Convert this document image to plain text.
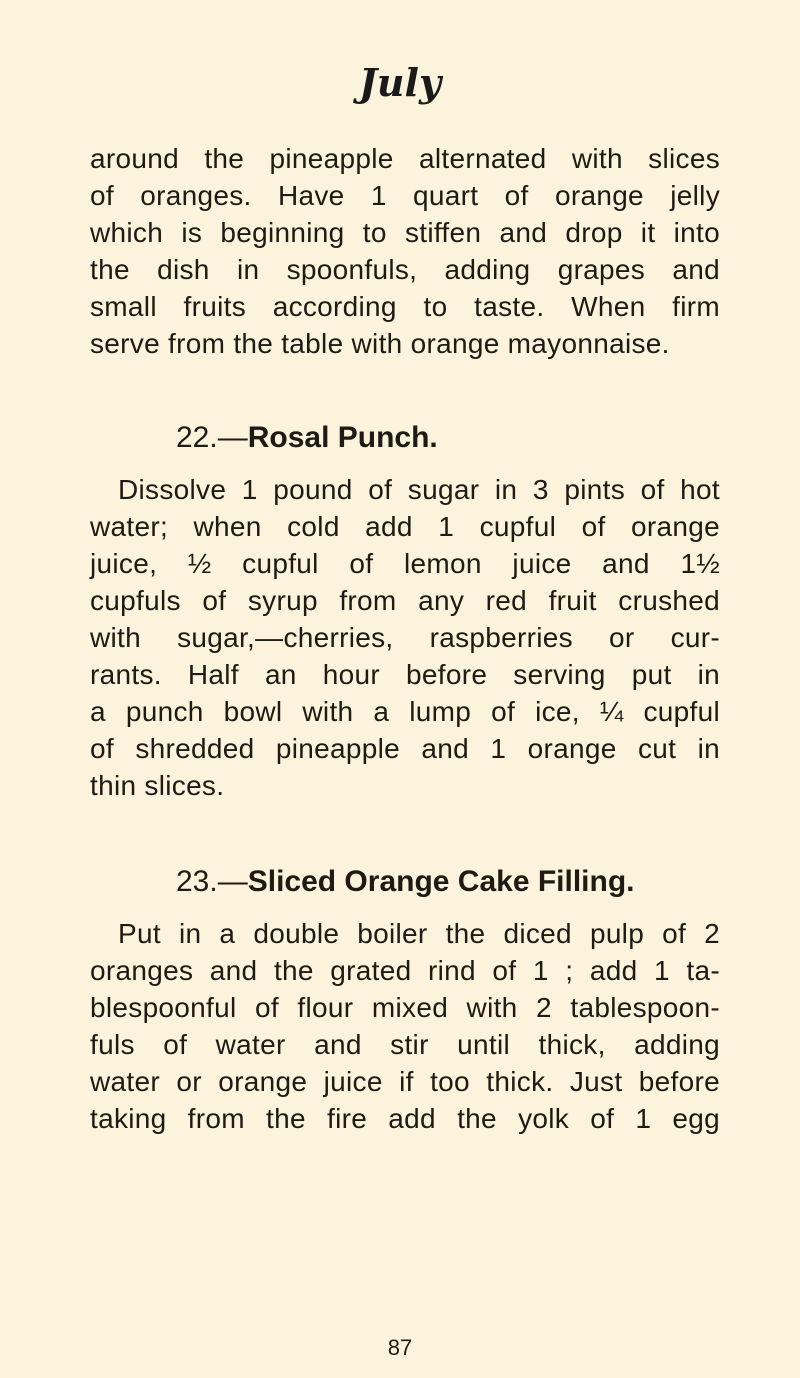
July
around the pineapple alternated with slices
of oranges. Have 1 quart of orange jelly
which is beginning to stiffen and drop it into
the dish in spoonfuls, adding grapes and
small fruits according to taste. When firm
serve from the table with orange mayonnaise.
22.—Rosal Punch.
Dissolve 1 pound of sugar in 3 pints of hot
water; when cold add 1 cupful of orange
juice, ½ cupful of lemon juice and 1½
cupfuls of syrup from any red fruit crushed
with sugar,—cherries, raspberries or cur-
rants. Half an hour before serving put in
a punch bowl with a lump of ice, ¼ cupful
of shredded pineapple and 1 orange cut in
thin slices.
23.—Sliced Orange Cake Filling.
Put in a double boiler the diced pulp of 2
oranges and the grated rind of 1 ; add 1 ta-
blespoonful of flour mixed with 2 tablespoon-
fuls of water and stir until thick, adding
water or orange juice if too thick. Just before
taking from the fire add the yolk of 1 egg
87
